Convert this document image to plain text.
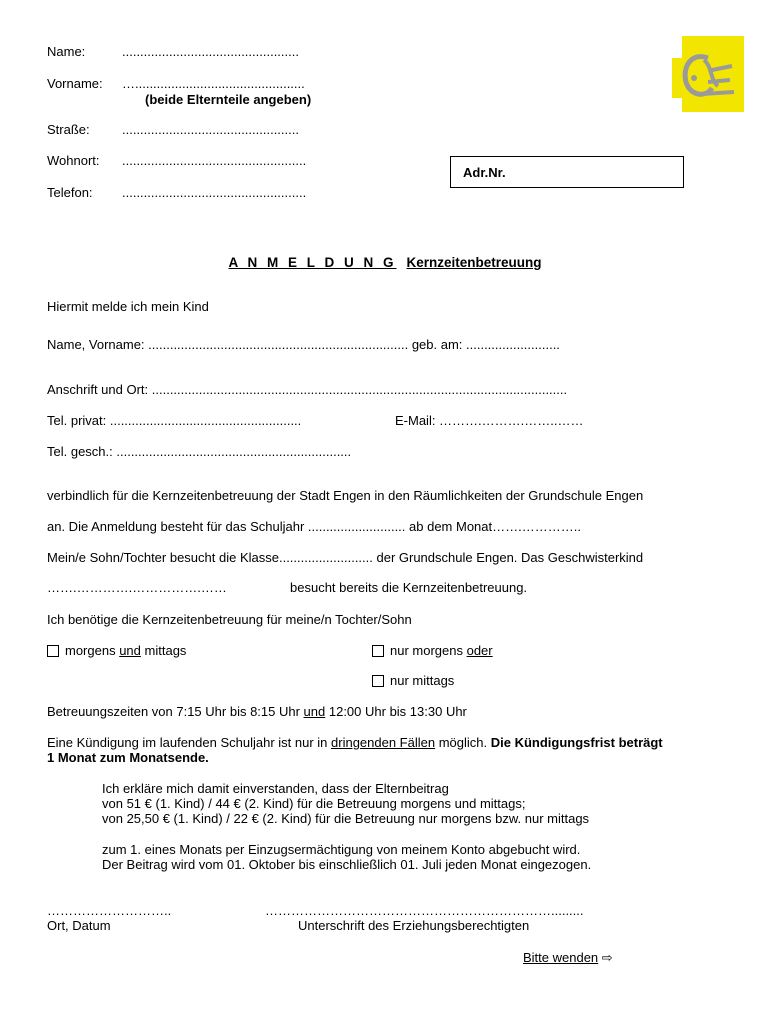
Name:	.................................................
Vorname: …...............................................
(beide Elternteile angeben)
Straße: .................................................
Wohnort: ...................................................
Telefon: ...................................................
Adr.Nr.
A N M E L D U N G Kernzeitenbetreuung
Hiermit melde ich mein Kind
Name, Vorname: ........................................................................ geb. am: ..........................
Anschrift und Ort: ...................................................................................................................
Tel. privat: .....................................................	E-Mail: ……….……….……..……
Tel. gesch.: .................................................................
verbindlich für die Kernzeitenbetreuung der Stadt Engen in den Räumlichkeiten der Grundschule Engen
an. Die Anmeldung besteht für das Schuljahr ........................... ab dem Monat…….…………..
Mein/e Sohn/Tochter besucht die Klasse.......................... der Grundschule Engen. Das Geschwisterkind
…….………….…………….……	besucht bereits die Kernzeitenbetreuung.
Ich benötige die Kernzeitenbetreuung für meine/n Tochter/Sohn
morgens und mittags	nur morgens oder
nur mittags
Betreuungszeiten von 7:15 Uhr bis 8:15 Uhr und 12:00 Uhr bis 13:30 Uhr
Eine Kündigung im laufenden Schuljahr ist nur in dringenden Fällen möglich. Die Kündigungsfrist beträgt
1 Monat zum Monatsende.
Ich erkläre mich damit einverstanden, dass der Elternbeitrag
von 51 € (1. Kind) / 44 € (2. Kind) für die Betreuung morgens und mittags;
von 25,50 € (1. Kind) / 22 € (2. Kind) für die Betreuung nur morgens bzw. nur mittags
zum 1. eines Monats per Einzugsermächtigung von meinem Konto abgebucht wird.
Der Beitrag wird vom 01. Oktober bis einschließlich 01. Juli jeden Monat eingezogen.
………………………..
Ort, Datum
………………………………………………………….........
Unterschrift des Erziehungsberechtigten
Bitte wenden ⇨
